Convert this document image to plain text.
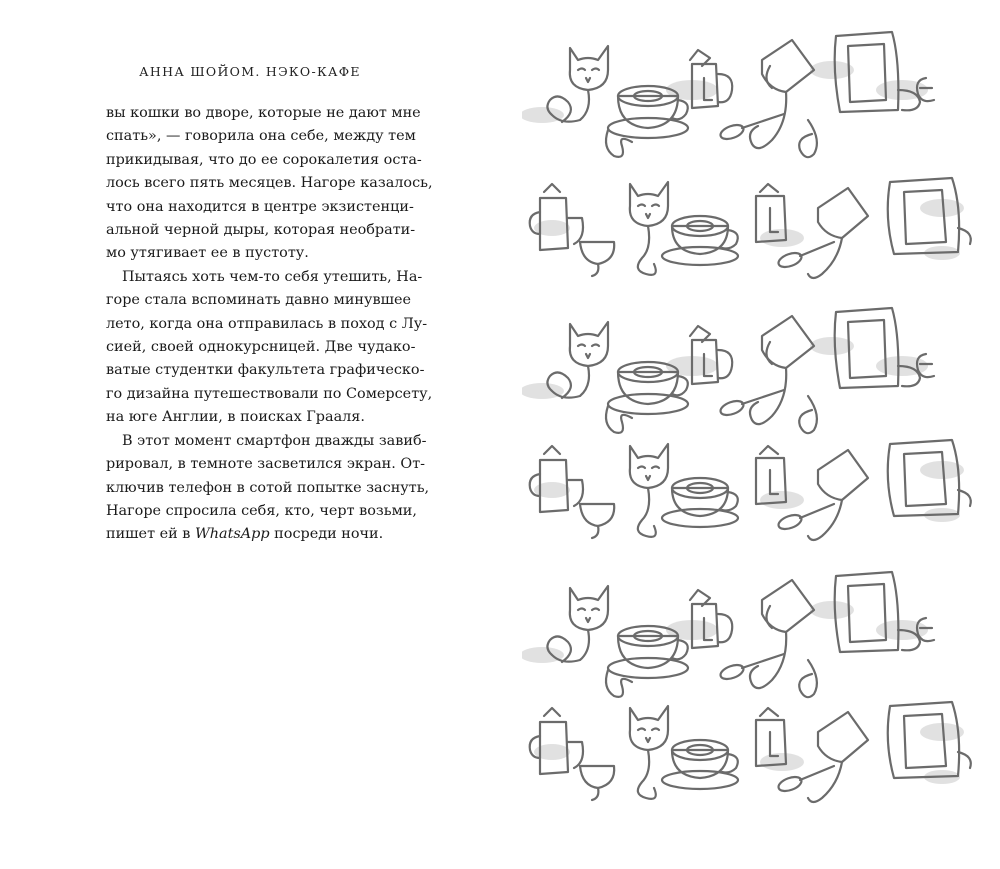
АННА ШОЙОМ. НЭКО-КАФЕ
вы кошки во дворе, которые не дают мне
спать», — говорила она себе, между тем
прикидывая, что до ее сорокалетия оста-
лось всего пять месяцев. Нагоре казалось,
что она находится в центре экзистенци-
альной черной дыры, которая необрати-
мо утягивает ее в пустоту.
Пытаясь хоть чем-то себя утешить, На-
горе стала вспоминать давно минувшее
лето, когда она отправилась в поход с Лу-
сией, своей однокурсницей. Две чудако-
ватые студентки факультета графическо-
го дизайна путешествовали по Сомерсету,
на юге Англии, в поисках Грааля.
В этот момент смартфон дважды завиб-
рировал, в темноте засветился экран. От-
ключив телефон в сотой попытке заснуть,
Нагоре спросила себя, кто, черт возьми,
пишет ей в WhatsApp посреди ночи.
